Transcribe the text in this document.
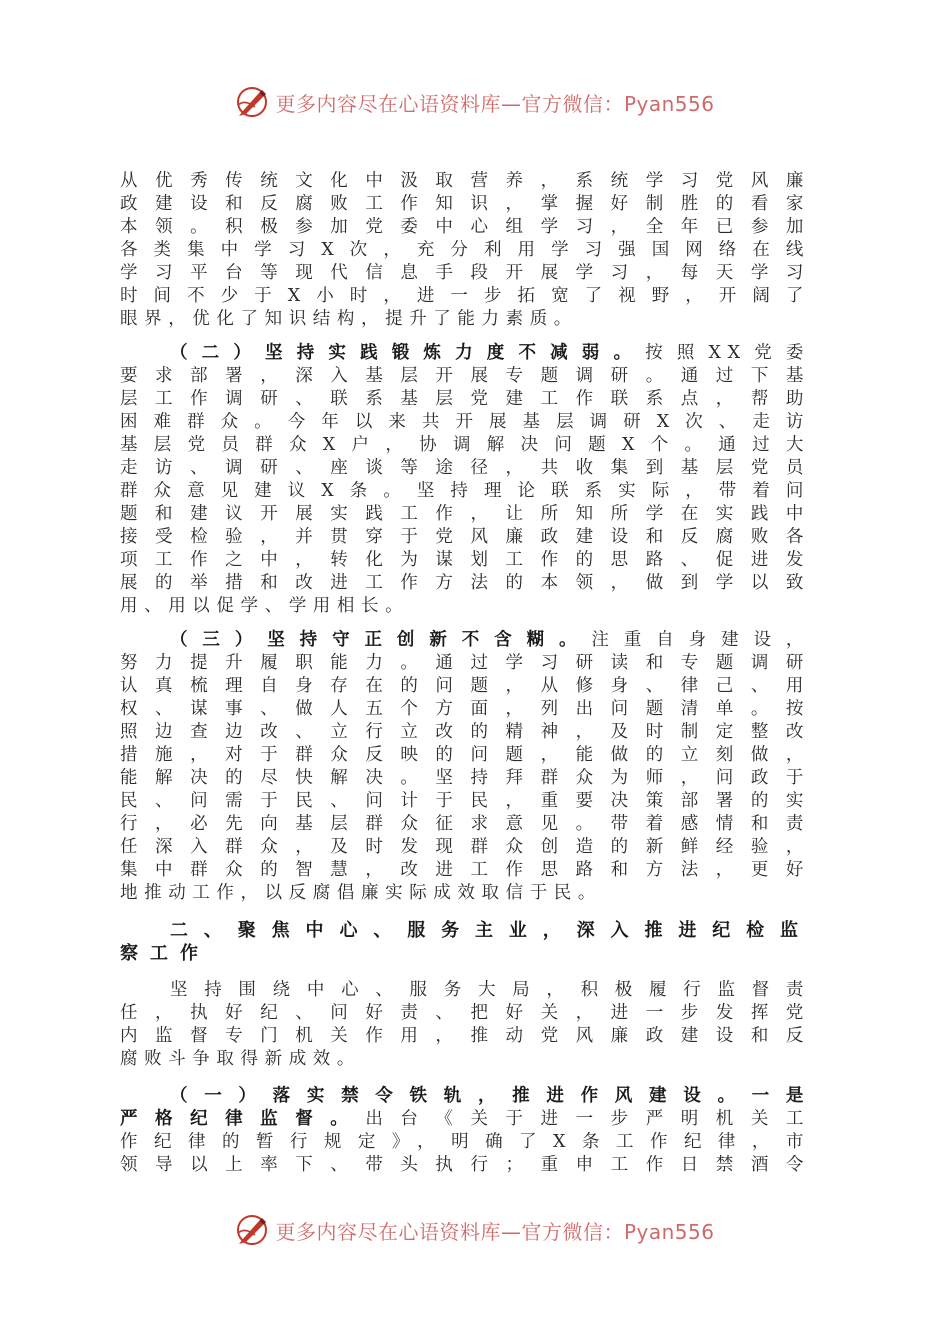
更多内容尽在心语资料库—官方微信：Pyan556

从优秀传统文化中汲取营养，系统学习党风廉

政建设和反腐败工作知识，掌握好制胜的看家

本领。积极参加党委中心组学习，全年已参加

各类集中学习X次，充分利用学习强国网络在线

学习平台等现代信息手段开展学习，每天学习

时间不少于X小时，进一步拓宽了视野，开阔了

眼界，优化了知识结构，提升了能力素质。

（二）坚持实践锻炼力度不减弱。按照XX党委

要求部署，深入基层开展专题调研。通过下基

层工作调研、联系基层党建工作联系点，帮助

困难群众。今年以来共开展基层调研X次、走访

基层党员群众X户，协调解决问题X个。通过大

走访、调研、座谈等途径，共收集到基层党员

群众意见建议X条。坚持理论联系实际，带着问

题和建议开展实践工作，让所知所学在实践中

接受检验，并贯穿于党风廉政建设和反腐败各

项工作之中，转化为谋划工作的思路、促进发

展的举措和改进工作方法的本领，做到学以致

用、用以促学、学用相长。

（三）坚持守正创新不含糊。注重自身建设，

努力提升履职能力。通过学习研读和专题调研

认真梳理自身存在的问题，从修身、律己、用

权、谋事、做人五个方面，列出问题清单。按

照边查边改、立行立改的精神，及时制定整改

措施，对于群众反映的问题，能做的立刻做，

能解决的尽快解决。坚持拜群众为师，问政于

民、问需于民、问计于民，重要决策部署的实

行，必先向基层群众征求意见。带着感情和责

任深入群众，及时发现群众创造的新鲜经验，

集中群众的智慧，改进工作思路和方法，更好

地推动工作，以反腐倡廉实际成效取信于民。

二、聚焦中心、服务主业，深入推进纪检监

察工作

坚持围绕中心、服务大局，积极履行监督责

任，执好纪、问好责、把好关，进一步发挥党

内监督专门机关作用，推动党风廉政建设和反

腐败斗争取得新成效。

（一）落实禁令铁轨，推进作风建设。一是

严格纪律监督。出台《关于进一步严明机关工

作纪律的暂行规定》，明确了X条工作纪律，市

领导以上率下、带头执行；重申工作日禁酒令

更多内容尽在心语资料库—官方微信：Pyan556
